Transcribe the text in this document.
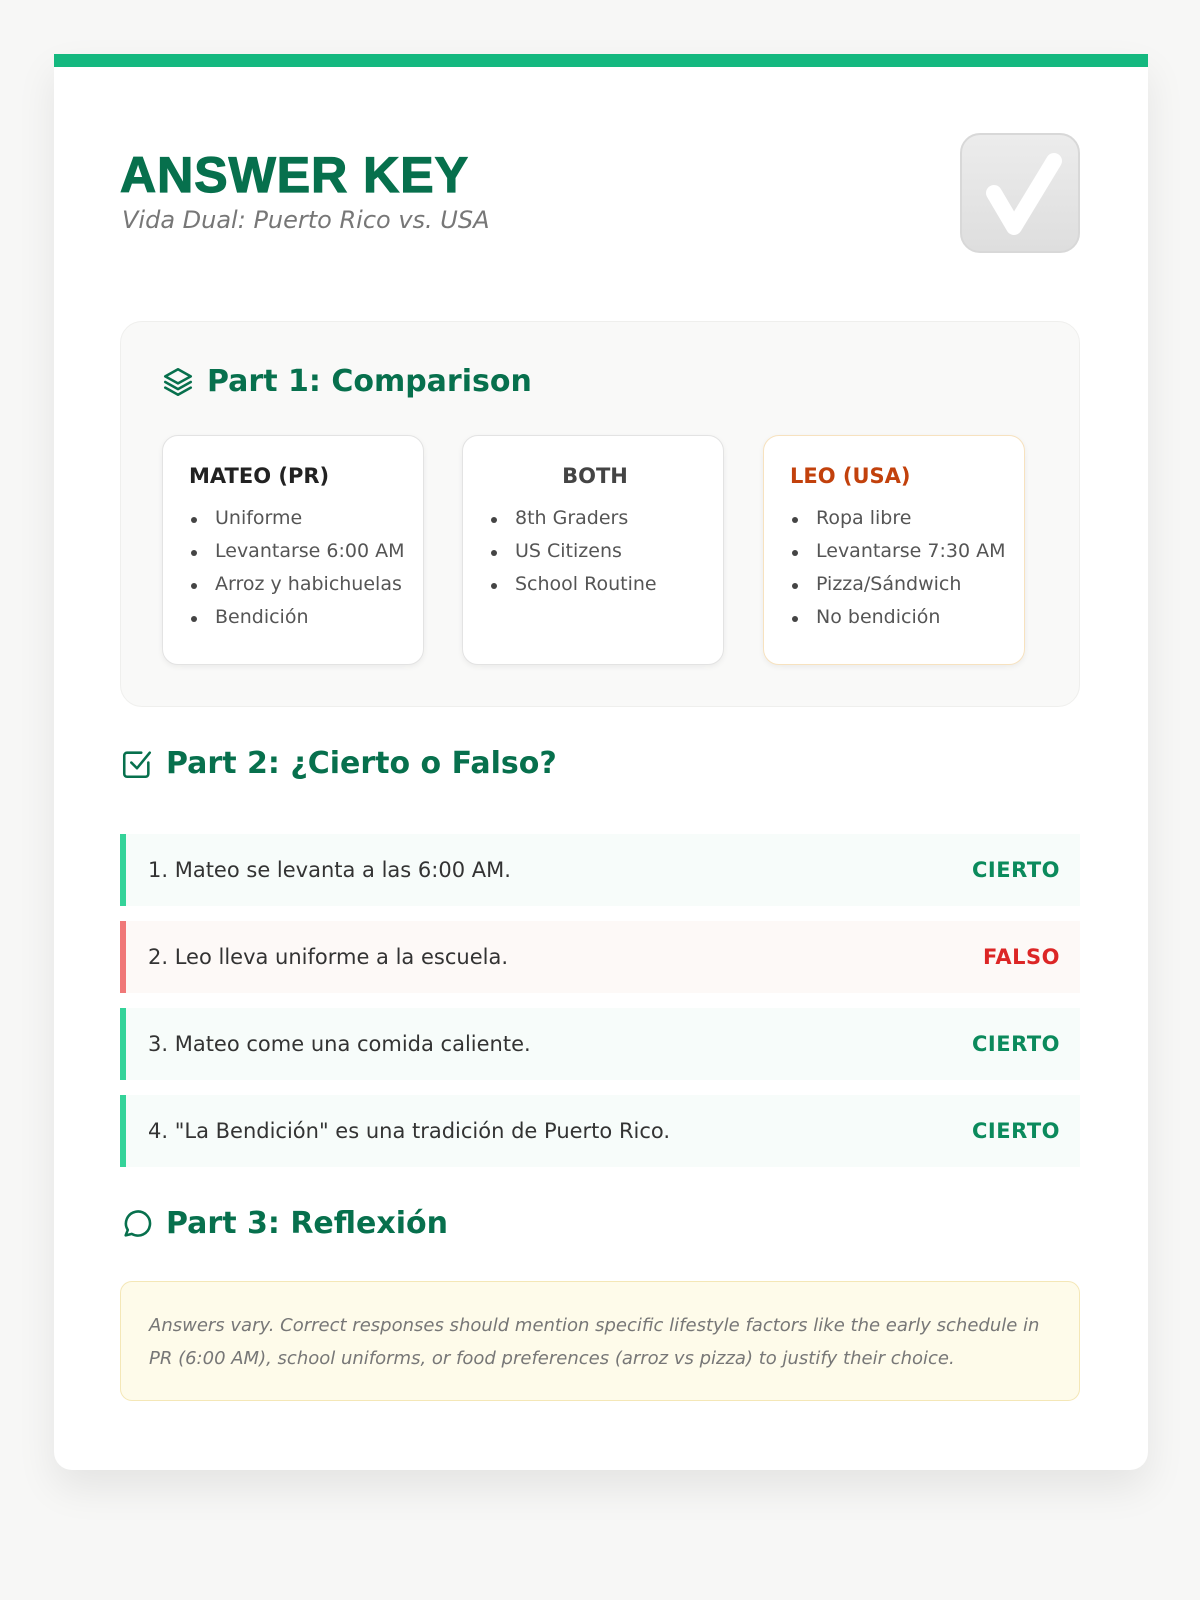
ANSWER KEY
Vida Dual: Puerto Rico vs. USA
Part 1: Comparison
MATEO (PR)
Uniforme
Levantarse 6:00 AM
Arroz y habichuelas
Bendición
BOTH
8th Graders
US Citizens
School Routine
LEO (USA)
Ropa libre
Levantarse 7:30 AM
Pizza/Sándwich
No bendición
Part 2: ¿Cierto o Falso?
1. Mateo se levanta a las 6:00 AM.	CIERTO
2. Leo lleva uniforme a la escuela.	FALSO
3. Mateo come una comida caliente.	CIERTO
4. "La Bendición" es una tradición de Puerto Rico.	CIERTO
Part 3: Reflexión
Answers vary. Correct responses should mention specific lifestyle factors like the early schedule in PR (6:00 AM), school uniforms, or food preferences (arroz vs pizza) to justify their choice.
